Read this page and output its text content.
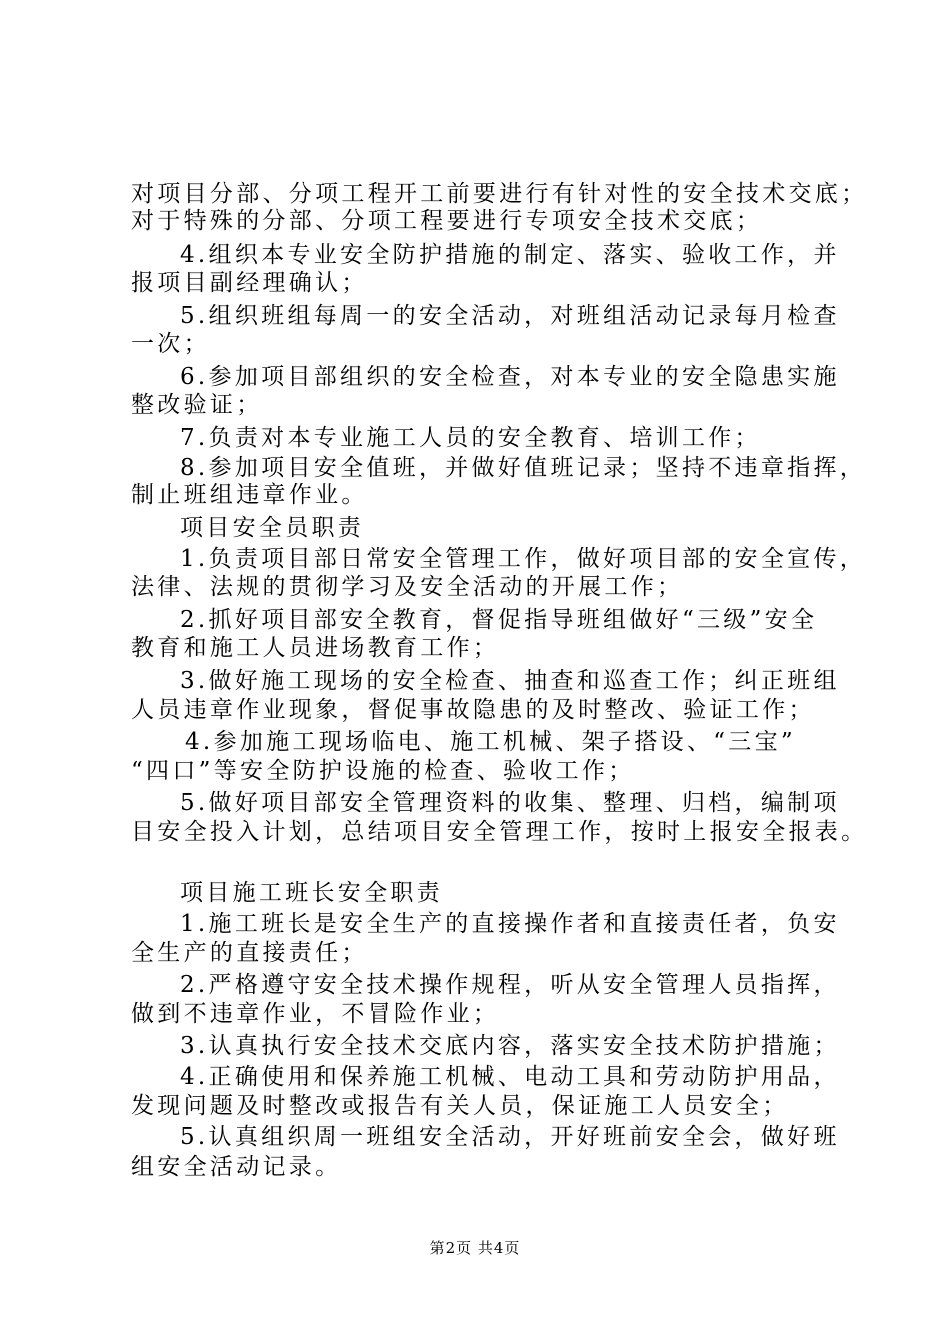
对项目分部、分项工程开工前要进行有针对性的安全技术交底；
对于特殊的分部、分项工程要进行专项安全技术交底；
4.组织本专业安全防护措施的制定、落实、验收工作，并
报项目副经理确认；
5.组织班组每周一的安全活动，对班组活动记录每月检查
一次；
6.参加项目部组织的安全检查，对本专业的安全隐患实施
整改验证；
7.负责对本专业施工人员的安全教育、培训工作；
8.参加项目安全值班，并做好值班记录；坚持不违章指挥，
制止班组违章作业。
项目安全员职责
1.负责项目部日常安全管理工作，做好项目部的安全宣传，
法律、法规的贯彻学习及安全活动的开展工作；
2.抓好项目部安全教育，督促指导班组做好“三级”安全
教育和施工人员进场教育工作；
3.做好施工现场的安全检查、抽查和巡查工作；纠正班组
人员违章作业现象，督促事故隐患的及时整改、验证工作；
4.参加施工现场临电、施工机械、架子搭设、“三宝”
“四口”等安全防护设施的检查、验收工作；
5.做好项目部安全管理资料的收集、整理、归档，编制项
目安全投入计划，总结项目安全管理工作，按时上报安全报表。
项目施工班长安全职责
1.施工班长是安全生产的直接操作者和直接责任者，负安
全生产的直接责任；
2.严格遵守安全技术操作规程，听从安全管理人员指挥，
做到不违章作业，不冒险作业；
3.认真执行安全技术交底内容，落实安全技术防护措施；
4.正确使用和保养施工机械、电动工具和劳动防护用品，
发现问题及时整改或报告有关人员，保证施工人员安全；
5.认真组织周一班组安全活动，开好班前安全会，做好班
组安全活动记录。
第2页 共4页
